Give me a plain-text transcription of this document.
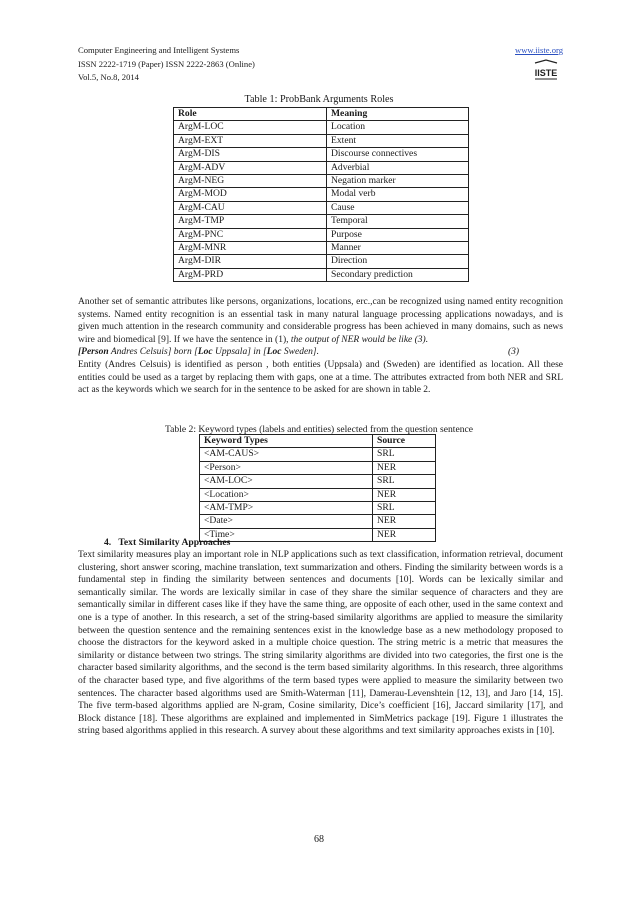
Computer Engineering and Intelligent Systems
ISSN 2222-1719 (Paper) ISSN 2222-2863 (Online)
Vol.5, No.8, 2014
www.iiste.org
IISTE
Table 1: ProbBank Arguments Roles
Role	Meaning
ArgM-LOC	Location
ArgM-EXT	Extent
ArgM-DIS	Discourse connectives
ArgM-ADV	Adverbial
ArgM-NEG	Negation marker
ArgM-MOD	Modal verb
ArgM-CAU	Cause
ArgM-TMP	Temporal
ArgM-PNC	Purpose
ArgM-MNR	Manner
ArgM-DIR	Direction
ArgM-PRD	Secondary prediction
Another set of semantic attributes like persons, organizations, locations, erc.,can be recognized using named entity recognition systems. Named entity recognition is an essential task in many natural language processing applications nowadays, and is given much attention in the research community and considerable progress has been achieved in many domains, such as news wire and biomedical [9]. If we have the sentence in (1), the output of NER would be like (3).
[Person Andres Celsuis] born [Loc Uppsala] in [Loc Sweden].	(3)
Entity (Andres Celsuis) is identified as person , both entities (Uppsala) and (Sweden) are identified as location. All these entities could be used as a target by replacing them with gaps, one at a time. The attributes extracted from both NER and SRL act as the keywords which we search for in the sentence to be asked for are shown in table 2.
Table 2: Keyword types (labels and entities) selected from the question sentence
Keyword Types	Source
<AM-CAUS>	SRL
<Person>	NER
<AM-LOC>	SRL
<Location>	NER
<AM-TMP>	SRL
<Date>	NER
<Time>	NER
4. Text Similarity Approaches
Text similarity measures play an important role in NLP applications such as text classification, information retrieval, document clustering, short answer scoring, machine translation, text summarization and others. Finding the similarity between words is a fundamental step in finding the similarity between sentences and documents [10]. Words can be lexically similar and semantically similar. The words are lexically similar in case of they share the similar sequence of characters and they are semantically similar in different cases like if they have the same thing, are opposite of each other, used in the same context and one is a type of another. In this research, a set of the string-based similarity algorithms are applied to measure the similarity between the question sentence and the remaining sentences exist in the knowledge base as a new methodology proposed to choose the distractors for the keyword asked in a multiple choice question. The string metric is a metric that measures the similarity or distance between two strings. The string similarity algorithms are divided into two categories, the first one is the character based similarity algorithms, and the second is the term based similarity algorithms. In this research, three algorithms of the character based type, and five algorithms of the term based types were applied to measure the similarity between two sentences. The character based algorithms used are Smith-Waterman [11], Damerau-Levenshtein [12, 13], and Jaro [14, 15]. The five term-based algorithms applied are N-gram, Cosine similarity, Dice’s coefficient [16], Jaccard similarity [17], and Block distance [18]. These algorithms are explained and implemented in SimMetrics package [19]. Figure 1 illustrates the string based algorithms applied in this research. A survey about these algorithms and text similarity approaches exists in [10].
68
